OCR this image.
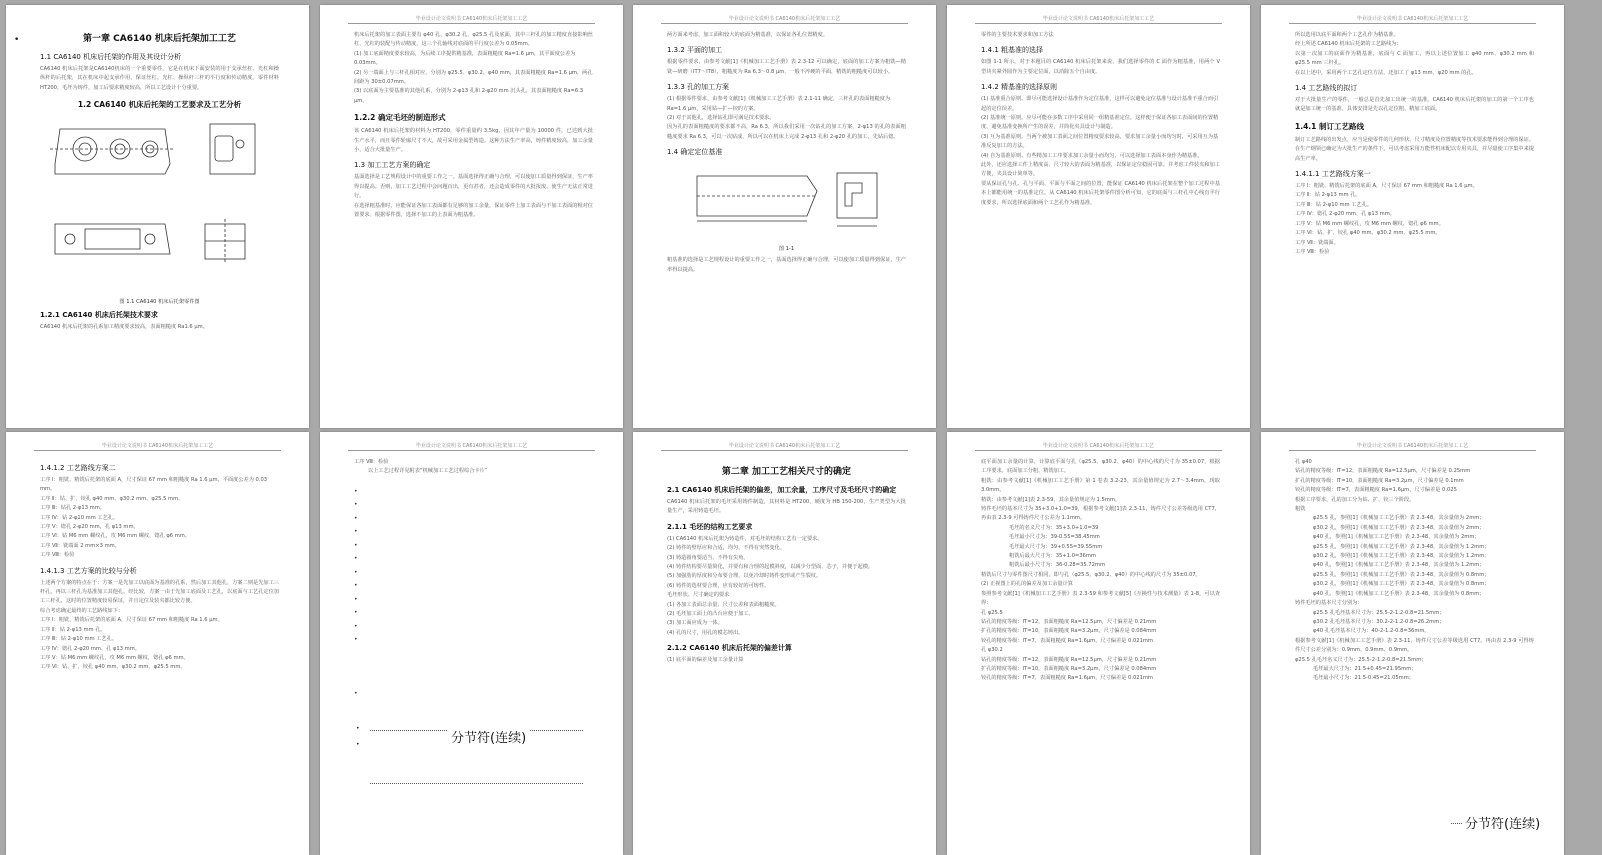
•	第一章 CA6140 机床后托架加工工艺
1.1 CA6140 机床后托架的作用及其设计分析

CA6140 机床后托架是CA6140机床的一个重要零件，它是在机床下面安装的用于支承丝杠、光杠和操纵杆的后托架，其在机床中起支承作用，保证丝杠、光杠、操纵杆三杆的平行度和传动精度。零件材料HT200，毛坯为铸件，加工后要求精度较高，所以工艺设计十分重要。

1.2 CA6140 机床后托架的工艺要求及工艺分析
图 1.1 CA6140 机床后托架零件图
1.2.1 CA6140 机床后托架技术要求

CA6140 机床后托架的孔系加工精度要求较高，表面粗糙度 Ra1.6 μm。

毕业设计论文说明书 CA6140机床后托架加工工艺

机床后托架的加工表面主要有 φ40 孔、φ30.2 孔、φ25.5 孔及底面，其中三杆孔的加工精度直接影响丝杠、光杠的装配与传动精度，这三个孔轴线对底面的平行度公差为 0.05mm。

(1) 加工底面精度要求较高，为后续工序提供精基准，表面粗糙度 Ra=1.6 μm，其平面度公差为 0.03mm。

(2) 另一端面上与三杆孔相对应，分别为 φ25.5、φ30.2、φ40 mm，其表面粗糙度 Ra=1.6 μm，两孔间距为 30±0.07mm。

(3) 以底面为主要基准的其他孔系，分别为 2-φ13 孔和 2-φ20 mm 沉头孔，其表面粗糙度 Ra=6.3 μm。

1.2.2 确定毛坯的制造形式

该 CA6140 机床后托架的材料为 HT200，零件重量约 3.5kg，因其年产量为 10000 件，已达到大批生产水平，而且零件轮廓尺寸不大，故可采用金属型铸造。这种方法生产率高，铸件精度较高，加工余量小，适合大批量生产。

1.3 加工工艺方案的确定

基面选择是工艺规程设计中的重要工作之一。基面选择得正确与合理，可以使加工质量得到保证，生产率得以提高。否则，加工工艺过程中会问题百出，更有甚者，还会造成零件的大批报废，使生产无法正常进行。

在选择粗基准时，应能保证各加工表面都有足够的加工余量，保证零件上加工表面与不加工表面的相对位置要求。根据零件图，选择不加工的上表面为粗基准。

毕业设计论文说明书 CA6140机床后托架加工工艺

两方面来考虑，加工面积较大的底面为精基准，以保证各孔位置精度。

1.3.2 平面的加工

根据零件要求，由参考文献[1]《机械加工工艺手册》表 2.3-12 可以确定，底面的加工方案为粗铣—精铣—研磨（IT7～IT8），粗糙度为 Ra 6.3～0.8 μm，一般不淬硬的平面，精铣的粗糙度可以较小。

1.3.3 孔的加工方案

(1) 根据零件要求，由参考文献[1]《机械加工工艺手册》表 2.1-11 确定，三杆孔的表面粗糙度为 Ra=1.6 μm，采用钻—扩—铰的方案。

(2) 对于其他孔，选择钻孔即可满足技术要求。

因为孔的表面粗糙度的要求都不高，Ra 6.3，所以我们采用一次钻孔的加工方案，2-φ13 的孔的表面粗糙度要求 Ra 6.3，可以一次钻成，所以可以在机床上完成 2-φ13 孔和 2-φ20 孔的加工，先钻后锪。

1.4 确定定位基准
图 1-1

粗基准的选择是工艺规程设计的重要工作之一，基面选择得正确与合理，可以使加工质量得到保证，生产率得以提高。

毕业设计论文说明书 CA6140机床后托架加工工艺

零件的主要技术要求和加工方法

1.4.1 粗基准的选择

如图 1-1 所示，对于本题目的 CA6140 机床后托架来说，我们选择零件的 C 面作为粗基准，用两个 V 型块夹紧外圆作为主要定位面，以消除五个自由度。

1.4.2 精基准的选择原则

(1) 基准重合原则。即尽可能选择设计基准作为定位基准，这样可以避免定位基准与设计基准不重合而引起的定位误差。

(2) 基准统一原则。应尽可能在多数工序中采用同一组精基准定位，这样便于保证各加工表面间的位置精度，避免基准变换所产生的误差，并简化夹具设计与制造。

(3) 互为基准原则。当两个被加工表面之间位置精度要求较高，要求加工余量小而均匀时，可采用互为基准反复加工的方法。

(4) 自为基准原则。有些精加工工序要求加工余量小而均匀，可以选择加工表面本身作为精基准。

此外，还应选择工件上精度高、尺寸较大的表面为精基准，以保证定位稳固可靠。并考虑工件装夹和加工方便，夹具设计简单等。

要从保证孔与孔、孔与平面、平面与平面之间的位置，能保证 CA6140 机床后托架在整个加工过程中基本上都能用统一的基准定位。从 CA6140 机床后托架零件图分析可知，它的底面与三杆孔中心线有平行度要求，所以选择底面和两个工艺孔作为精基准。

毕业设计论文说明书 CA6140机床后托架加工工艺

所以选用以底平面和两个工艺孔作为精基准。

经上所述 CA6140 机床后托架的工艺路线为：

以第一次加工的底面作为精基准，底面与 C 面加工，再以上述位置加工 φ40 mm、φ30.2 mm 和 φ25.5 mm 三杆孔。

在以上述中，采用两个工艺孔定位方法，还加工了 φ13 mm、φ20 mm 的孔。

1.4 工艺路线的拟订

对于大批量生产的零件，一般总是首先加工出统一的基准。CA6140 机床后托架的加工的第一个工序也就是加工统一的基准，具体安排是先以孔定位粗、精加工底面。

1.4.1 制订工艺路线

制订工艺路线的出发点，应当是使零件的几何形状、尺寸精度及位置精度等技术要求能得到合理的保证。在生产纲领已确定为大批生产的条件下，可以考虑采用万能性机床配以专用夹具，并尽量使工序集中来提高生产率。

1.4.1.1 工艺路线方案一

工序 Ⅰ：粗铣、精铣后托架的底面 A，尺寸保证 67 mm 和粗糙度 Ra 1.6 μm。

工序 Ⅱ：钻 2-φ13 mm 孔。

工序 Ⅲ：钻 2-φ10 mm 工艺孔。

工序 Ⅳ：锪孔 2-φ20 mm、孔 φ13 mm。

工序 Ⅴ：钻 M6 mm 螺纹孔，攻 M6 mm 螺纹，锪孔 φ6 mm。

工序 Ⅵ：钻、扩、铰孔 φ40 mm、φ30.2 mm、φ25.5 mm。

工序 Ⅶ：铣端面。

工序 Ⅷ：检验

毕业设计论文说明书 CA6140机床后托架加工工艺
1.4.1.2 工艺路线方案二

工序 Ⅰ：粗铣、精铣后托架的底面 A，尺寸保证 67 mm 和粗糙度 Ra 1.6 μm，平面度公差为 0.03 mm。

工序 Ⅱ：钻、扩、铰孔 φ40 mm、φ30.2 mm、φ25.5 mm。

工序 Ⅲ：钻孔 2-φ13 mm。

工序 Ⅳ：钻 2-φ10 mm 工艺孔。

工序 Ⅴ：锪孔 2-φ20 mm，孔 φ13 mm。

工序 Ⅵ：钻 M6 mm 螺纹孔，攻 M6 mm 螺纹，锪孔 φ6 mm。

工序 Ⅶ：铣端面 2 mm×3 mm。

工序 Ⅷ：检验

1.4.1.3 工艺方案的比较与分析

上述两个方案的特点在于：方案一是先加工以底面为基准的孔系，然后加工其他孔，方案二则是先加工三杆孔，再以三杆孔为基准加工其他孔。经比较，方案一由于先加工底面及工艺孔，以底面与工艺孔定位加工三杆孔，这时的位置精度较易保证，并且定位及装夹都比较方便。

综合考虑确定最终的工艺路线如下：

工序 Ⅰ：粗铣、精铣后托架的底面 A，尺寸保证 67 mm 和粗糙度 Ra 1.6 μm。

工序 Ⅱ：钻 2-φ13 mm 孔。

工序 Ⅲ：钻 2-φ10 mm 工艺孔。

工序 Ⅳ：锪孔 2-φ20 mm、孔 φ13 mm。

工序 Ⅴ：钻 M6 mm 螺纹孔，攻 M6 mm 螺纹，锪孔 φ6 mm。

工序 Ⅵ：钻、扩、铰孔 φ40 mm、φ30.2 mm、φ25.5 mm。

毕业设计论文说明书 CA6140机床后托架加工工艺

工序 Ⅷ：检验

以上工艺过程详见附表“机械加工工艺过程综合卡片”

•
•
•
•
•
•
•
•
•
•
•
•
•
分节符(连续)
•
•
毕业设计论文说明书 CA6140机床后托架加工工艺
第二章 加工工艺相关尺寸的确定
2.1 CA6140 机床后托架的偏差，加工余量，工序尺寸及毛坯尺寸的确定

CA6140 机床后托架的毛坯采用铸件制造，其材料是 HT200，硬度为 HB 150-200，生产类型为大批量生产，采用铸造毛坯。

2.1.1 毛坯的结构工艺要求

(1) CA6140 机床后托架为铸造件，对毛坯的结构工艺有一定要求。

(2) 铸件的壁厚应和合适，均匀，不得有突然变化。

(3) 铸造圆角要适当，不得有尖角。

(4) 铸件结构要尽量简化，并要有和合理的起模斜度，以减少分型面、芯子，并便于起模。

(5) 加强肋的厚度和分布要合理，以免冷却时铸件变形或产生裂纹。

(6) 铸件的选材要合理，应有较好的可铸性。

毛坯形状、尺寸确定的要求

(1) 各加工表面总余量、尺寸公差和表面粗糙度。

(2) 毛坯加工面上的凸台应便于加工。

(3) 加工面应成为一体。

(4) 孔的尺寸，用孔的模芯铸出。

2.1.2 CA6140 机床后托架的偏差计算

(1) 底平面的偏差及加工余量计算

毕业设计论文说明书 CA6140机床后托架加工工艺

底平面加工余量的计算，计算底平面与孔（φ25.5、φ30.2、φ40）的中心线的尺寸为 35±0.07，根据工序要求，底面加工分粗、精铣加工。

粗铣：由参考文献[1]《机械加工工艺手册》第 1 卷表 3.2-23，其余量值规定为 2.7～3.4mm，现取 3.0mm。

精铣：由参考文献[1]表 2.3-59，其余量值规定为 1.5mm。

铸件毛坯的基本尺寸为 35+3.0+1.0=39，根据参考文献[1]表 2.3-11，铸件尺寸公差等级选用 CT7，再由表 2.3-9 可得铸件尺寸公差为 1.1mm。

毛坯的名义尺寸为：35+3.0+1.0=39

毛坯最小尺寸为：39-0.55=38.45mm

毛坯最大尺寸为：39+0.55=39.55mm

粗铣后最大尺寸为：35+1.0=36mm

粗铣后最小尺寸为：36-0.28=35.72mm

精铣后尺寸与零件图尺寸相同，即与孔（φ25.5、φ30.2、φ40）的中心线的尺寸为 35±0.07。

(2) 正视图上的孔的偏差及加工余量计算

参照参考文献[1]《机械加工工艺手册》表 2.3-59 和参考文献[5]《互换性与技术测量》表 1-8，可以查得：

孔 φ25.5

钻孔的精度等级：IT=12，表面粗糙度 Ra=12.5μm，尺寸偏差是 0.21mm

扩孔的精度等级：IT=10，表面粗糙度 Ra=3.2μm，尺寸偏差是 0.084mm

铰孔的精度等级：IT=7，表面粗糙度 Ra=1.6μm，尺寸偏差是 0.021mm

孔 φ30.2

钻孔的精度等级：IT=12，表面粗糙度 Ra=12.5μm，尺寸偏差是 0.21mm

扩孔的精度等级：IT=10，表面粗糙度 Ra=3.2μm，尺寸偏差是 0.084mm

铰孔的精度等级：IT=7，表面粗糙度 Ra=1.6μm，尺寸偏差是 0.021mm

毕业设计论文说明书 CA6140机床后托架加工工艺

孔 φ40

钻孔的精度等级：IT=12，表面粗糙度 Ra=12.5μm，尺寸偏差是 0.25mm

扩孔的精度等级：IT=10，表面粗糙度 Ra=3.2μm，尺寸偏差是 0.1mm

铰孔的精度等级：IT=7，表面粗糙度 Ra=1.6μm，尺寸偏差是 0.025

根据工序要求，孔的加工分为钻、扩、铰三个阶段。

粗铣

φ25.5 孔，参照[1]《机械加工工艺手册》表 2.3-48，其余量值为 2mm；

φ30.2 孔，参照[1]《机械加工工艺手册》表 2.3-48，其余量值为 2mm；

φ40 孔，参照[1]《机械加工工艺手册》表 2.3-48，其余量值为 2mm；

φ25.5 孔，参照[1]《机械加工工艺手册》表 2.3-48，其余量值为 1.2mm；

φ30.2 孔，参照[1]《机械加工工艺手册》表 2.3-48，其余量值为 1.2mm；

φ40 孔，参照[1]《机械加工工艺手册》表 2.3-48，其余量值为 1.2mm；

φ25.5 孔，参照[1]《机械加工工艺手册》表 2.3-48，其余量值为 0.8mm；

φ30.2 孔，参照[1]《机械加工工艺手册》表 2.3-48，其余量值为 0.8mm；

φ40 孔，参照[1]《机械加工工艺手册》表 2.3-48，其余量值为 0.8mm；

铸件毛坯的基本尺寸分别为：

φ25.5 孔毛坯基本尺寸为：25.5-2-1.2-0.8=21.5mm；

φ30.2 孔毛坯基本尺寸为：30.2-2-1.2-0.8=26.2mm；

φ40 孔毛坯基本尺寸为：40-2-1.2-0.8=36mm。

根据参考文献[1]《机械加工工艺手册》表 2.3-11，铸件尺寸公差等级选用 CT7。再由表 2.3-9 可得铸件尺寸公差分别为：0.9mm、0.9mm、0.9mm。

φ25.5 孔毛坯名义尺寸为：25.5-2-1.2-0.8=21.5mm；

毛坯最大尺寸为：21.5+0.45=21.95mm；

毛坯最小尺寸为：21.5-0.45=21.05mm；

分节符(连续)
